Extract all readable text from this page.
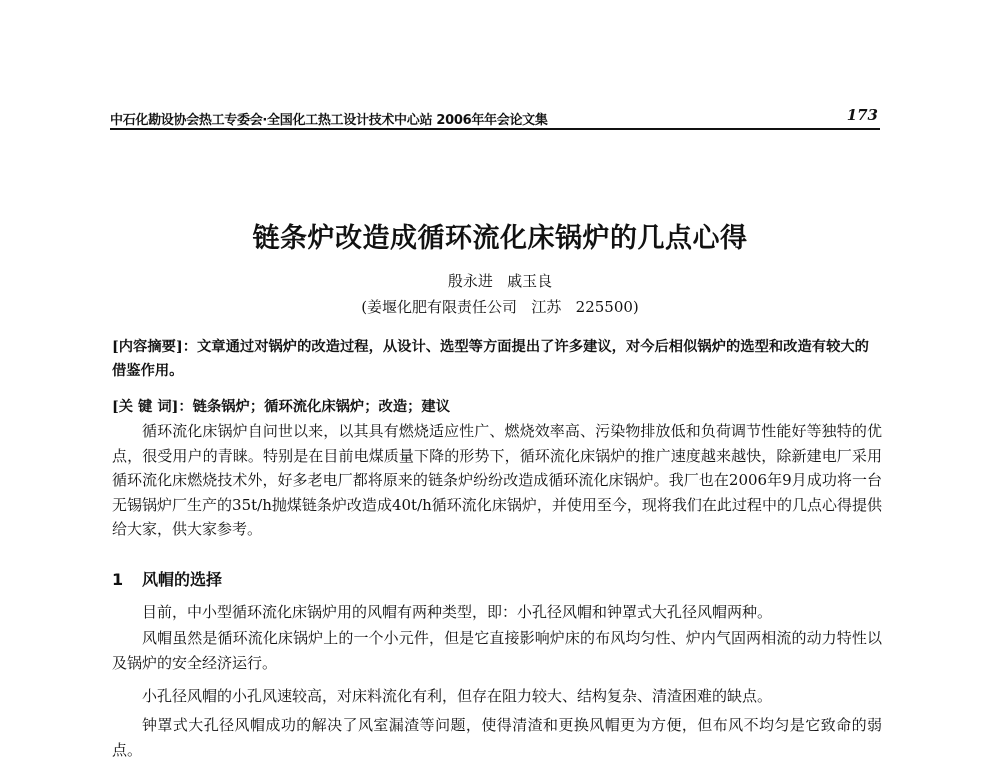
中石化勘设协会热工专委会·全国化工热工设计技术中心站 2006年年会论文集	173
链条炉改造成循环流化床锅炉的几点心得
殷永进   戚玉良
(姜堰化肥有限责任公司   江苏   225500)
[内容摘要]：文章通过对锅炉的改造过程，从设计、选型等方面提出了许多建议，对今后相似锅炉的选型和改造有较大的借鉴作用。
[关 键 词]：链条锅炉；循环流化床锅炉；改造；建议
循环流化床锅炉自问世以来，以其具有燃烧适应性广、燃烧效率高、污染物排放低和负荷调节性能好等独特的优点，很受用户的青睐。特别是在目前电煤质量下降的形势下，循环流化床锅炉的推广速度越来越快，除新建电厂采用循环流化床燃烧技术外，好多老电厂都将原来的链条炉纷纷改造成循环流化床锅炉。我厂也在2006年9月成功将一台无锡锅炉厂生产的35t/h抛煤链条炉改造成40t/h循环流化床锅炉，并使用至今，现将我们在此过程中的几点心得提供给大家，供大家参考。
1 风帽的选择
目前，中小型循环流化床锅炉用的风帽有两种类型，即：小孔径风帽和钟罩式大孔径风帽两种。
风帽虽然是循环流化床锅炉上的一个小元件，但是它直接影响炉床的布风均匀性、炉内气固两相流的动力特性以及锅炉的安全经济运行。
小孔径风帽的小孔风速较高，对床料流化有利，但存在阻力较大、结构复杂、清渣困难的缺点。
钟罩式大孔径风帽成功的解决了风室漏渣等问题，使得清渣和更换风帽更为方便，但布风不均匀是它致命的弱点。
